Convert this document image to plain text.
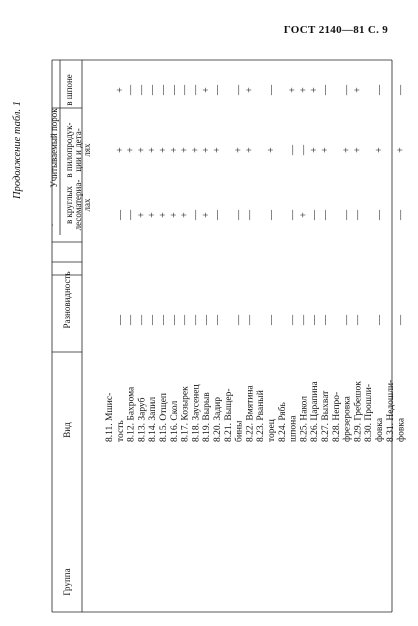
ГОСТ 2140—81 С. 9
Продолжение табл. 1
Группа
Вид
Разновидность
Учитываемый порок
в круглых лесоматериа- лах
в пилопродук- ции и дета- лях
в шпоне
8.11. Мшис- тость
—
—
+
+
8.12. Бахрома
—
—
+
—
8.13. Заруб
—
+
+
—
8.14. Запил
—
+
+
—
8.15. Отщеп
—
+
+
—
8.16. Скол
—
+
+
—
8.17. Козырек
—
+
+
—
8.18. Заусенец
—
—
+
—
8.19. Вырыв
—
+
+
+
8.20. Задир
—
—
+
—
8.21. Выщер- бины
—
—
+
—
8.22. Вмятина
—
—
+
+
8.23. Рваный торец
—
—
+
—
8.24. Рябь шпона
—
—
—
+
8.25. Накол
—
+
—
+
8.26. Царапина
—
—
+
+
8.27. Выхват
—
—
+
—
8.28. Непро- фрезеровка
—
—
+
—
8.29. Гребешок
—
—
+
+
8.30. Прошли- фовка
—
—
+
—
8.31. Недошли- фовка
—
—
+
—
